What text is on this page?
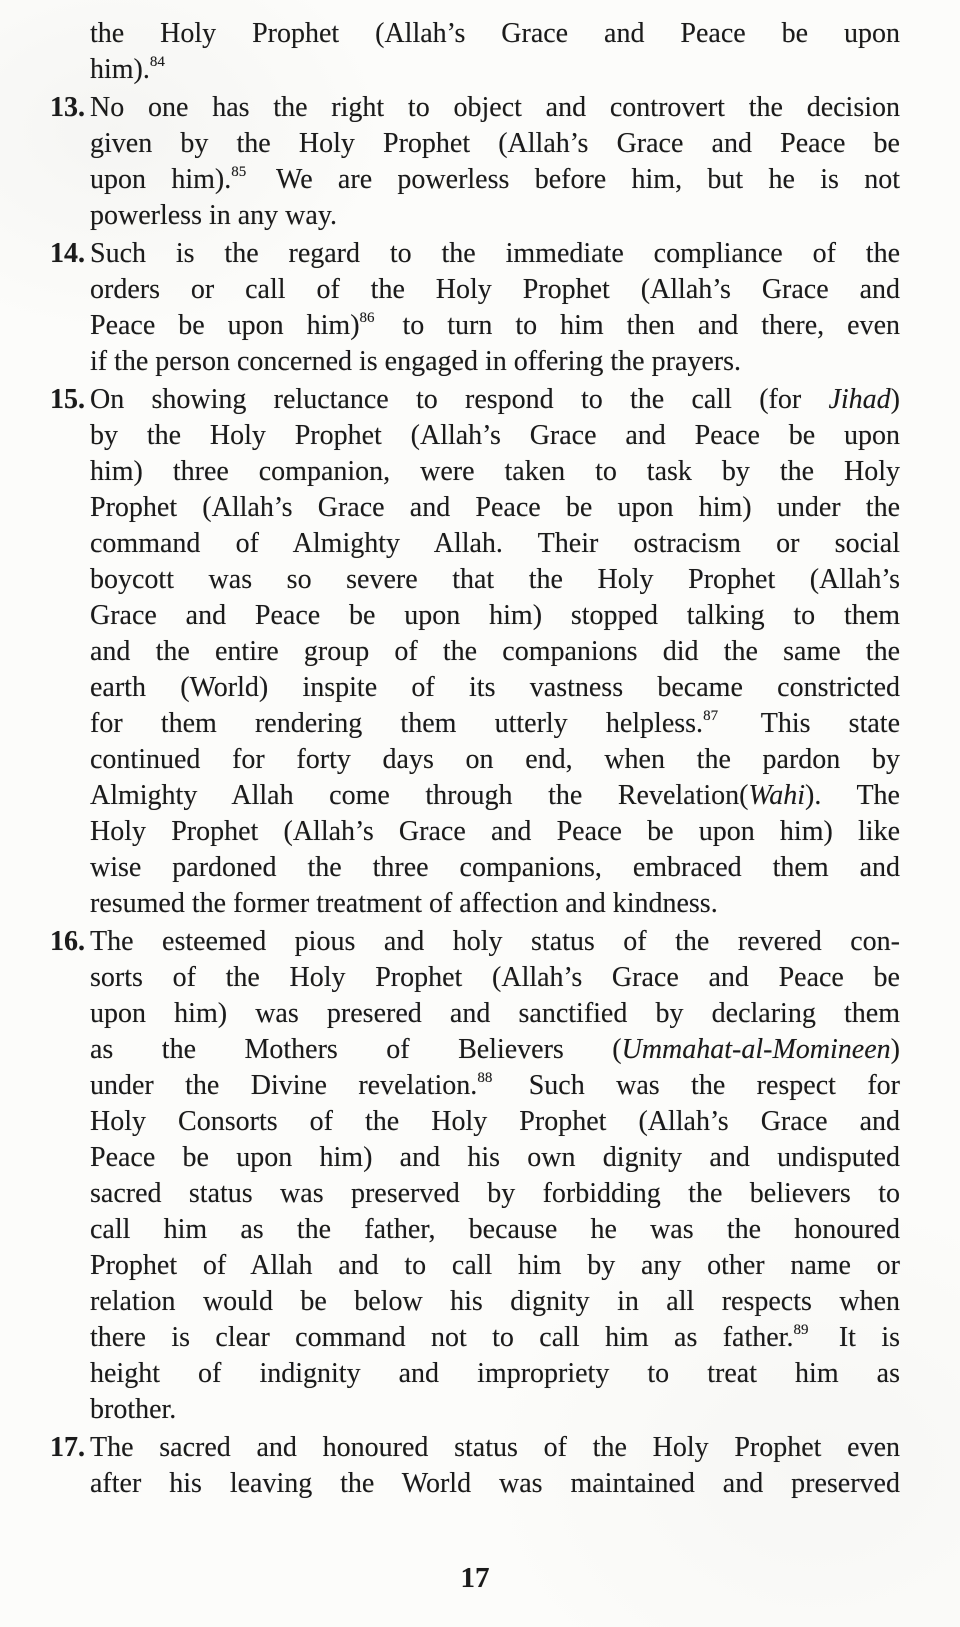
the Holy Prophet (Allah’s Grace and Peace be upon
him).$^{84}$
13. No one has the right to object and controvert the decision
given by the Holy Prophet (Allah’s Grace and Peace be
upon him).$^{85}$ We are powerless before him, but he is not
powerless in any way.
14. Such is the regard to the immediate compliance of the
orders or call of the Holy Prophet (Allah’s Grace and
Peace be upon him)$^{86}$ to turn to him then and there, even
if the person concerned is engaged in offering the prayers.
15. On showing reluctance to respond to the call (for Jihad)
by the Holy Prophet (Allah’s Grace and Peace be upon
him) three companion, were taken to task by the Holy
Prophet (Allah’s Grace and Peace be upon him) under the
command of Almighty Allah. Their ostracism or social
boycott was so severe that the Holy Prophet (Allah’s
Grace and Peace be upon him) stopped talking to them
and the entire group of the companions did the same the
earth (World) inspite of its vastness became constricted
for them rendering them utterly helpless.$^{87}$ This state
continued for forty days on end, when the pardon by
Almighty Allah come through the Revelation(Wahi). The
Holy Prophet (Allah’s Grace and Peace be upon him) like
wise pardoned the three companions, embraced them and
resumed the former treatment of affection and kindness.
16. The esteemed pious and holy status of the revered con-
sorts of the Holy Prophet (Allah’s Grace and Peace be
upon him) was presered and sanctified by declaring them
as the Mothers of Believers (Ummahat-al-Momineen)
under the Divine revelation.$^{88}$ Such was the respect for
Holy Consorts of the Holy Prophet (Allah’s Grace and
Peace be upon him) and his own dignity and undisputed
sacred status was preserved by forbidding the believers to
call him as the father, because he was the honoured
Prophet of Allah and to call him by any other name or
relation would be below his dignity in all respects when
there is clear command not to call him as father.$^{89}$ It is
height of indignity and impropriety to treat him as
brother.
17. The sacred and honoured status of the Holy Prophet even
after his leaving the World was maintained and preserved
17
